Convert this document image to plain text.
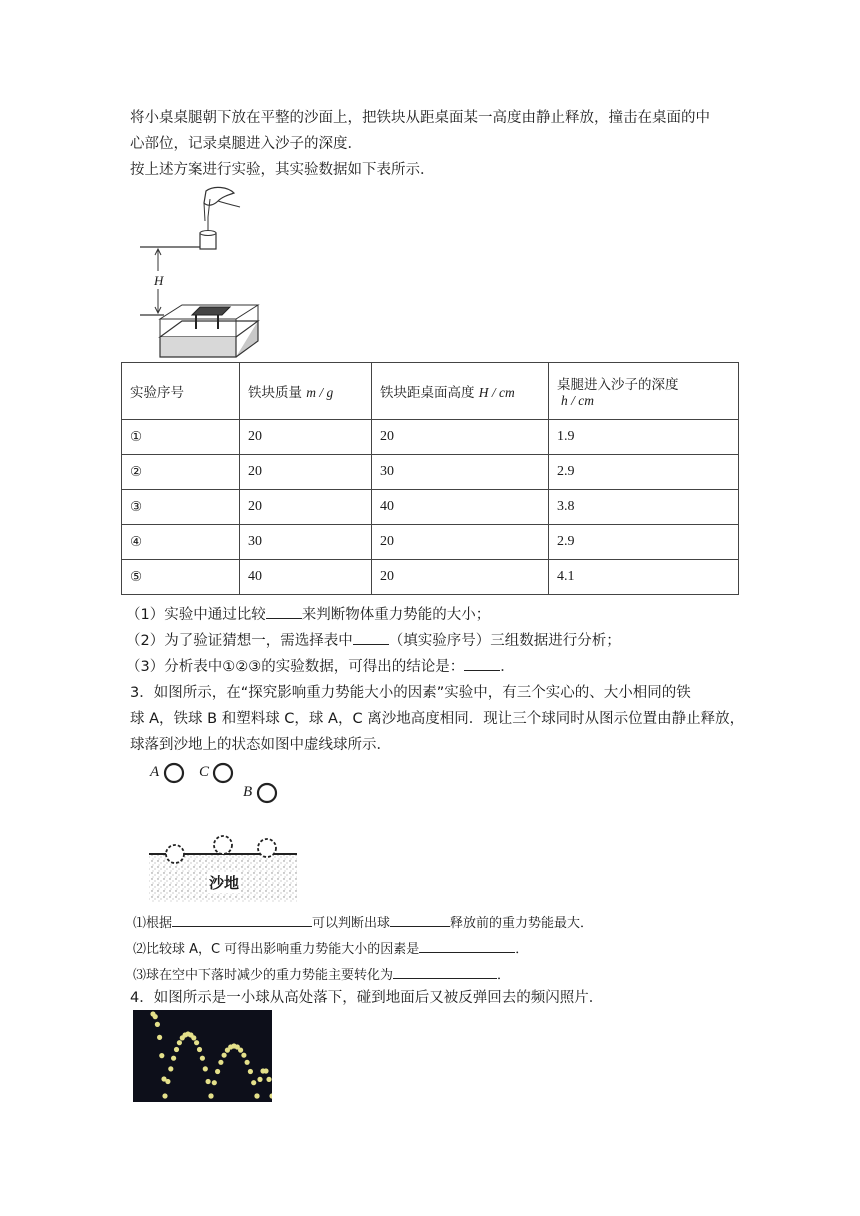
将小桌桌腿朝下放在平整的沙面上，把铁块从距桌面某一高度由静止释放，撞击在桌面的中
心部位，记录桌腿进入沙子的深度．
按上述方案进行实验，其实验数据如下表所示．
H
实验序号	铁块质量 m / g	铁块距桌面高度 H / cm	桌腿进入沙子的深度
h / cm

①	20	20	1.9
②	20	30	2.9
③	20	40	3.8
④	30	20	2.9
⑤	40	20	4.1
（1）实验中通过比较 来判断物体重力势能的大小；
（2）为了验证猜想一，需选择表中 （填实验序号）三组数据进行分析；
（3）分析表中①②③的实验数据，可得出的结论是： ．
3．如图所示，在“探究影响重力势能大小的因素”实验中，有三个实心的、大小相同的铁
球 A，铁球 B 和塑料球 C，球 A，C 离沙地高度相同．现让三个球同时从图示位置由静止释放，
球落到沙地上的状态如图中虚线球所示．
A	C
B
沙地
⑴根据	可以判断出球	释放前的重力势能最大．
⑵比较球 A，C 可得出影响重力势能大小的因素是	．
⑶球在空中下落时减少的重力势能主要转化为	．
4．如图所示是一小球从高处落下，碰到地面后又被反弹回去的频闪照片．
